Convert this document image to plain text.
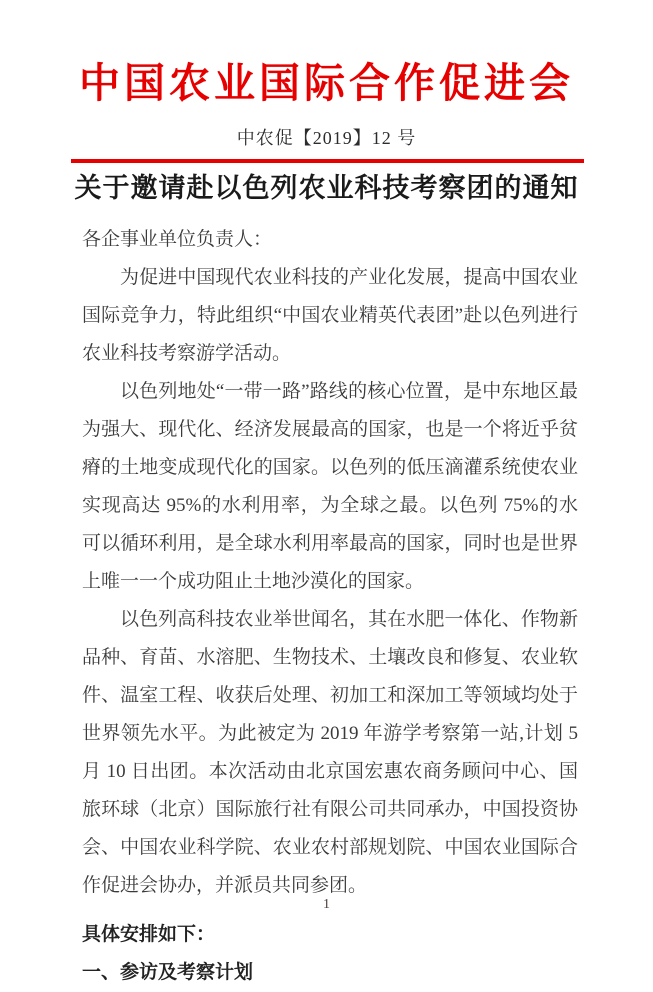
中国农业国际合作促进会
中农促【2019】12 号
关于邀请赴以色列农业科技考察团的通知

各企事业单位负责人：

为促进中国现代农业科技的产业化发展，提高中国农业国际竞争力，特此组织“中国农业精英代表团”赴以色列进行农业科技考察游学活动。

以色列地处“一带一路”路线的核心位置，是中东地区最为强大、现代化、经济发展最高的国家，也是一个将近乎贫瘠的土地变成现代化的国家。以色列的低压滴灌系统使农业实现高达 95%的水利用率，为全球之最。以色列 75%的水可以循环利用，是全球水利用率最高的国家，同时也是世界上唯一一个成功阻止土地沙漠化的国家。

以色列高科技农业举世闻名，其在水肥一体化、作物新品种、育苗、水溶肥、生物技术、土壤改良和修复、农业软件、温室工程、收获后处理、初加工和深加工等领域均处于世界领先水平。为此被定为 2019 年游学考察第一站,计划 5 月 10 日出团。本次活动由北京国宏惠农商务顾问中心、国旅环球（北京）国际旅行社有限公司共同承办，中国投资协会、中国农业科学院、农业农村部规划院、中国农业国际合作促进会协办，并派员共同参团。

具体安排如下：

一、参访及考察计划

1
